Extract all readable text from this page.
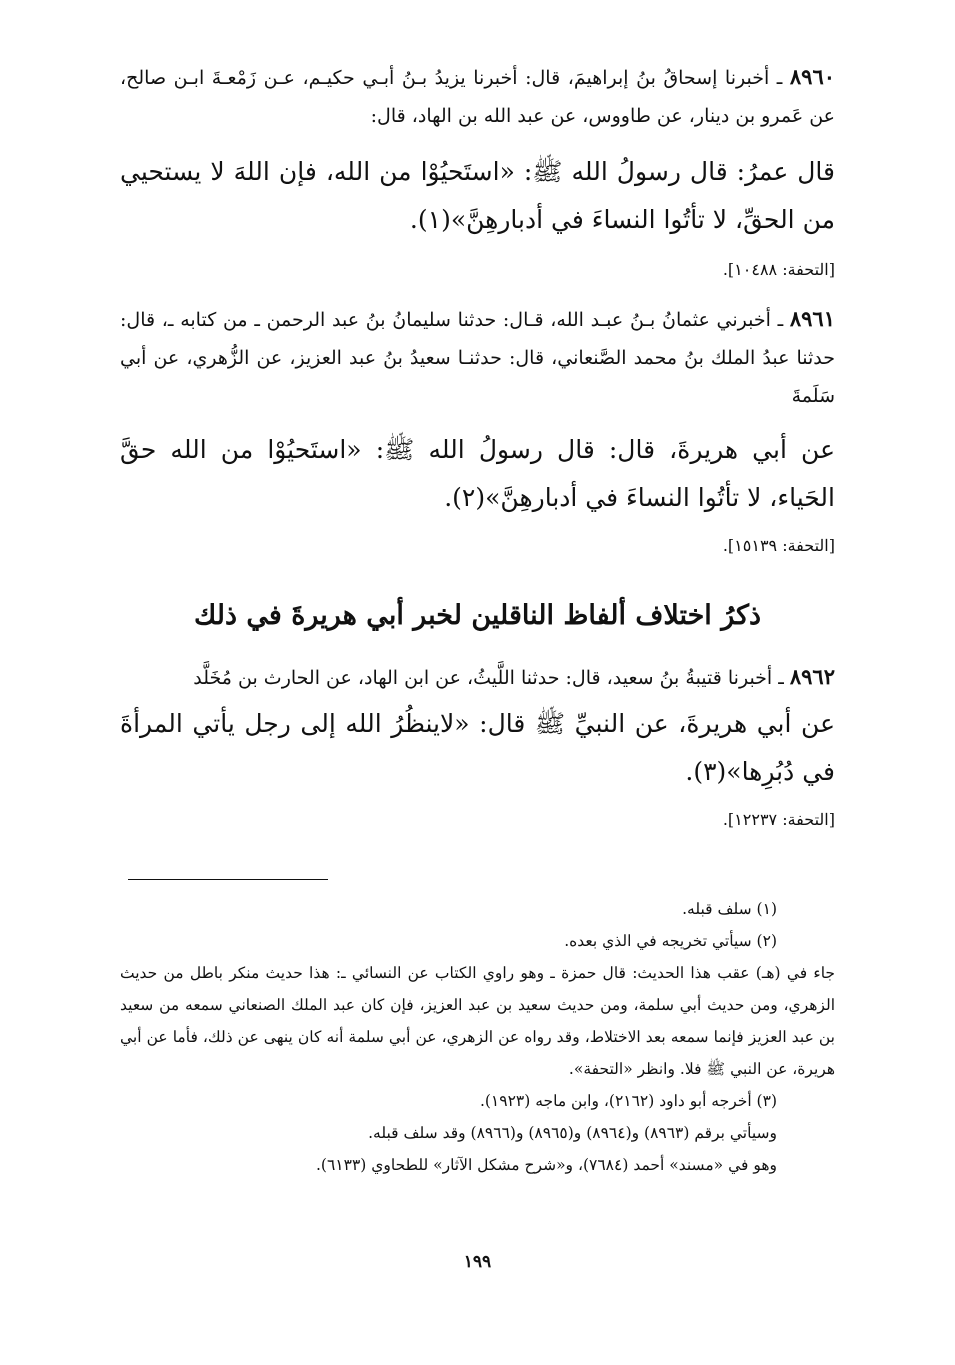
٨٩٦٠ ـ أخبرنا إسحاقُ بنُ إبراهيمَ، قال: أخبرنا يزيدُ بـنُ أبـي حكيـم، عـن زَمْعـةَ ابـن صالح، عن عَمرو بن دينار، عن طاووس، عن عبد الله بن الهاد، قال:
قال عمرُ: قال رسولُ الله ﷺ: «استَحيُوْا من الله، فإن اللهَ لا يستحيي من الحقِّ، لا تأتُوا النساءَ في أدبارهِنَّ»(١).
[التحفة: ١٠٤٨٨].
٨٩٦١ ـ أخبرني عثمانُ بـنُ عبـد الله، قـال: حدثنا سليمانُ بنُ عبد الرحمن ـ من كتابه ـ، قال: حدثنا عبدُ الملك بنُ محمد الصَّنعاني، قال: حدثنـا سعيدُ بنُ عبد العزيز، عن الزُّهري، عن أبي سَلَمةَ
عن أبي هريرةَ، قال: قال رسولُ الله ﷺ: «استَحيُوْا من الله حقَّ الحَياء، لا تأتُوا النساءَ في أدبارهِنَّ»(٢).
[التحفة: ١٥١٣٩].
ذكرُ اختلاف ألفاظ الناقلين لخبر أبي هريرةَ في ذلك
٨٩٦٢ ـ أخبرنا قتيبةُ بنُ سعيد، قال: حدثنا اللَّيثُ، عن ابن الهاد، عن الحارث بن مُخَلَّد
عن أبي هريرةَ، عن النبيِّ ﷺ قال: «لاينظُرُ الله إلى رجل يأتي المرأةَ في دُبُرِها»(٣).
[التحفة: ١٢٢٣٧].
(١) سلف قبله.
(٢) سيأتي تخريجه في الذي بعده.
جاء في (هـ) عقب هذا الحديث: قال حمزة ـ وهو راوي الكتاب عن النسائي ـ: هذا حديث منكر باطل من حديث الزهري، ومن حديث أبي سلمة، ومن حديث سعيد بن عبد العزيز، فإن كان عبد الملك الصنعاني سمعه من سعيد بن عبد العزيز فإنما سمعه بعد الاختلاط، وقد رواه عن الزهري، عن أبي سلمة أنه كان ينهى عن ذلك، فأما عن أبي هريرة، عن النبي ﷺ فلا. وانظر «التحفة».
(٣) أخرجه أبو داود (٢١٦٢)، وابن ماجه (١٩٢٣).
وسيأتي برقم (٨٩٦٣) و(٨٩٦٤) و(٨٩٦٥) و(٨٩٦٦) وقد سلف قبله.
وهو في «مسند» أحمد (٧٦٨٤)، و«شرح مشكل الآثار» للطحاوي (٦١٣٣).
١٩٩
